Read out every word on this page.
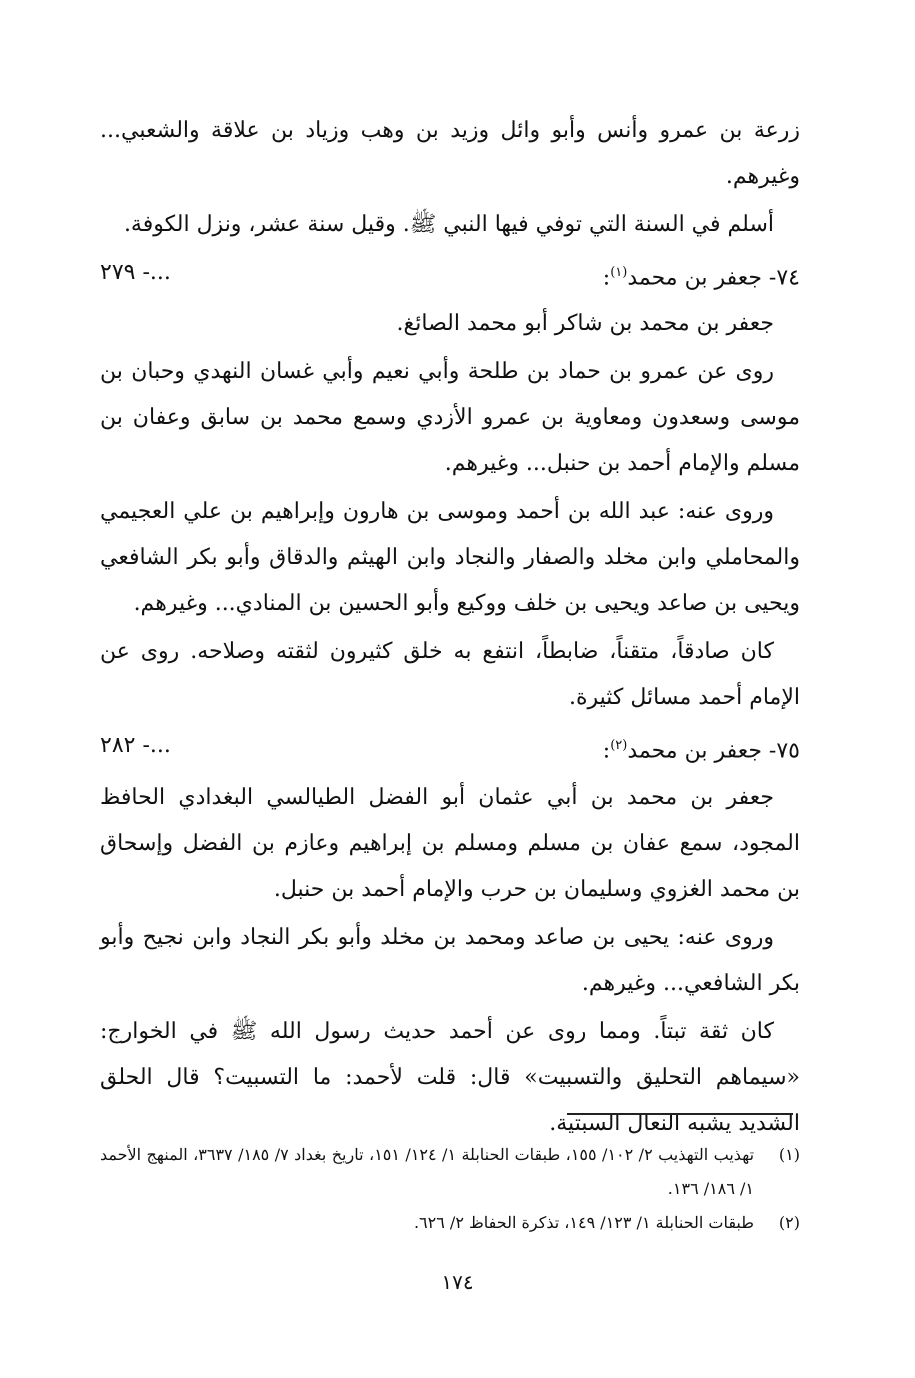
زرعة بن عمرو وأنس وأبو وائل وزيد بن وهب وزياد بن علاقة والشعبي... وغيرهم.

أسلم في السنة التي توفي فيها النبي ﷺ. وقيل سنة عشر، ونزل الكوفة.

٧٤- جعفر بن محمد$^{(١)}$:
...- ٢٧٩

جعفر بن محمد بن شاكر أبو محمد الصائغ.

روى عن عمرو بن حماد بن طلحة وأبي نعيم وأبي غسان النهدي وحبان بن موسى وسعدون ومعاوية بن عمرو الأزدي وسمع محمد بن سابق وعفان بن مسلم والإمام أحمد بن حنبل... وغيرهم.

وروى عنه: عبد الله بن أحمد وموسى بن هارون وإبراهيم بن علي العجيمي والمحاملي وابن مخلد والصفار والنجاد وابن الهيثم والدقاق وأبو بكر الشافعي ويحيى بن صاعد ويحيى بن خلف ووكيع وأبو الحسين بن المنادي... وغيرهم.

كان صادقاً، متقناً، ضابطاً، انتفع به خلق كثيرون لثقته وصلاحه. روى عن الإمام أحمد مسائل كثيرة.

٧٥- جعفر بن محمد$^{(٢)}$:
...- ٢٨٢

جعفر بن محمد بن أبي عثمان أبو الفضل الطيالسي البغدادي الحافظ المجود، سمع عفان بن مسلم ومسلم بن إبراهيم وعازم بن الفضل وإسحاق بن محمد الغزوي وسليمان بن حرب والإمام أحمد بن حنبل.

وروى عنه: يحيى بن صاعد ومحمد بن مخلد وأبو بكر النجاد وابن نجيح وأبو بكر الشافعي... وغيرهم.

كان ثقة تبتاً. ومما روى عن أحمد حديث رسول الله ﷺ في الخوارج: «سيماهم التحليق والتسبيت» قال: قلت لأحمد: ما التسبيت؟ قال الحلق الشديد يشبه النعال السبتية.

(١)
تهذيب التهذيب ٢/ ١٠٢/ ١٥٥، طبقات الحنابلة ١/ ١٢٤/ ١٥١، تاريخ بغداد ٧/ ١٨٥/ ٣٦٣٧، المنهج الأحمد ١/ ١٨٦/ ١٣٦.
(٢)
طبقات الحنابلة ١/ ١٢٣/ ١٤٩، تذكرة الحفاظ ٢/ ٦٢٦.
١٧٤
